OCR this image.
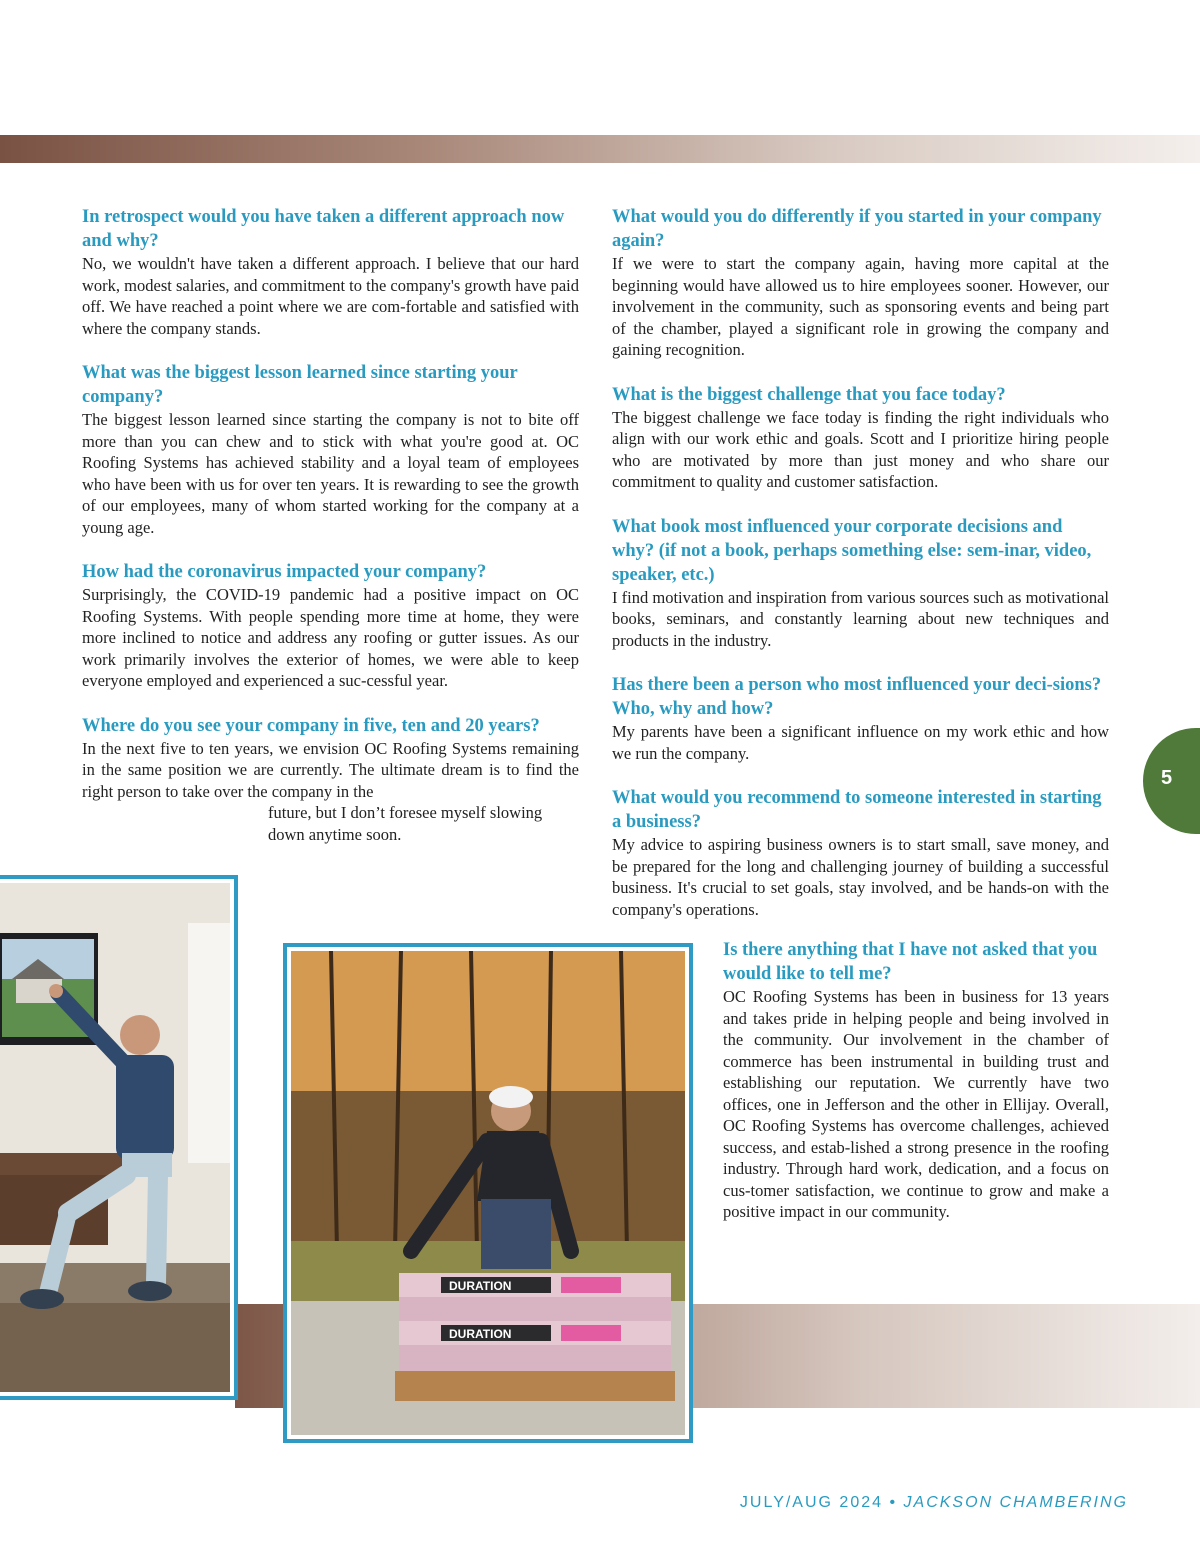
In retrospect would you have taken a different approach now and why?

No, we wouldn't have taken a different approach. I believe that our hard work, modest salaries, and commitment to the company's growth have paid off. We have reached a point where we are com-fortable and satisfied with where the company stands.

What was the biggest lesson learned since starting your company?

The biggest lesson learned since starting the company is not to bite off more than you can chew and to stick with what you're good at. OC Roofing Systems has achieved stability and a loyal team of employees who have been with us for over ten years. It is rewarding to see the growth of our employees, many of whom started working for the company at a young age.

How had the coronavirus impacted your company?

Surprisingly, the COVID-19 pandemic had a positive impact on OC Roofing Systems. With people spending more time at home, they were more inclined to notice and address any roofing or gutter issues. As our work primarily involves the exterior of homes, we were able to keep everyone employed and experienced a suc-cessful year.

Where do you see your company in five, ten and 20 years?

In the next five to ten years, we envision OC Roofing Systems remaining in the same position we are currently. The ultimate dream is to find the right person to take over the company in the

future, but I don’t foresee myself slowing down anytime soon.

What would you do differently if you started in your company again?

If we were to start the company again, having more capital at the beginning would have allowed us to hire employees sooner. However, our involvement in the community, such as sponsoring events and being part of the chamber, played a significant role in growing the company and gaining recognition.

What is the biggest challenge that you face today?

The biggest challenge we face today is finding the right individuals who align with our work ethic and goals. Scott and I prioritize hiring people who are motivated by more than just money and who share our commitment to quality and customer satisfaction.

What book most influenced your corporate decisions and why? (if not a book, perhaps something else: sem-inar, video, speaker, etc.)

I find motivation and inspiration from various sources such as motivational books, seminars, and constantly learning about new techniques and products in the industry.

Has there been a person who most influenced your deci-sions? Who, why and how?

My parents have been a significant influence on my work ethic and how we run the company.

What would you recommend to someone interested in starting a business?

My advice to aspiring business owners is to start small, save money, and be prepared for the long and challenging journey of building a successful business. It's crucial to set goals, stay involved, and be hands-on with the company's operations.

Is there anything that I have not asked that you would like to tell me?

OC Roofing Systems has been in business for 13 years and takes pride in helping people and being involved in the community. Our involvement in the chamber of commerce has been instrumental in building trust and establishing our reputation. We currently have two offices, one in Jefferson and the other in Ellijay. Overall, OC Roofing Systems has overcome challenges, achieved success, and estab-lished a strong presence in the roofing industry. Through hard work, dedication, and a focus on cus-tomer satisfaction, we continue to grow and make a positive impact in our community.

DURATION
DURATION
5
JULY/AUG 2024 • JACKSON CHAMBERING
